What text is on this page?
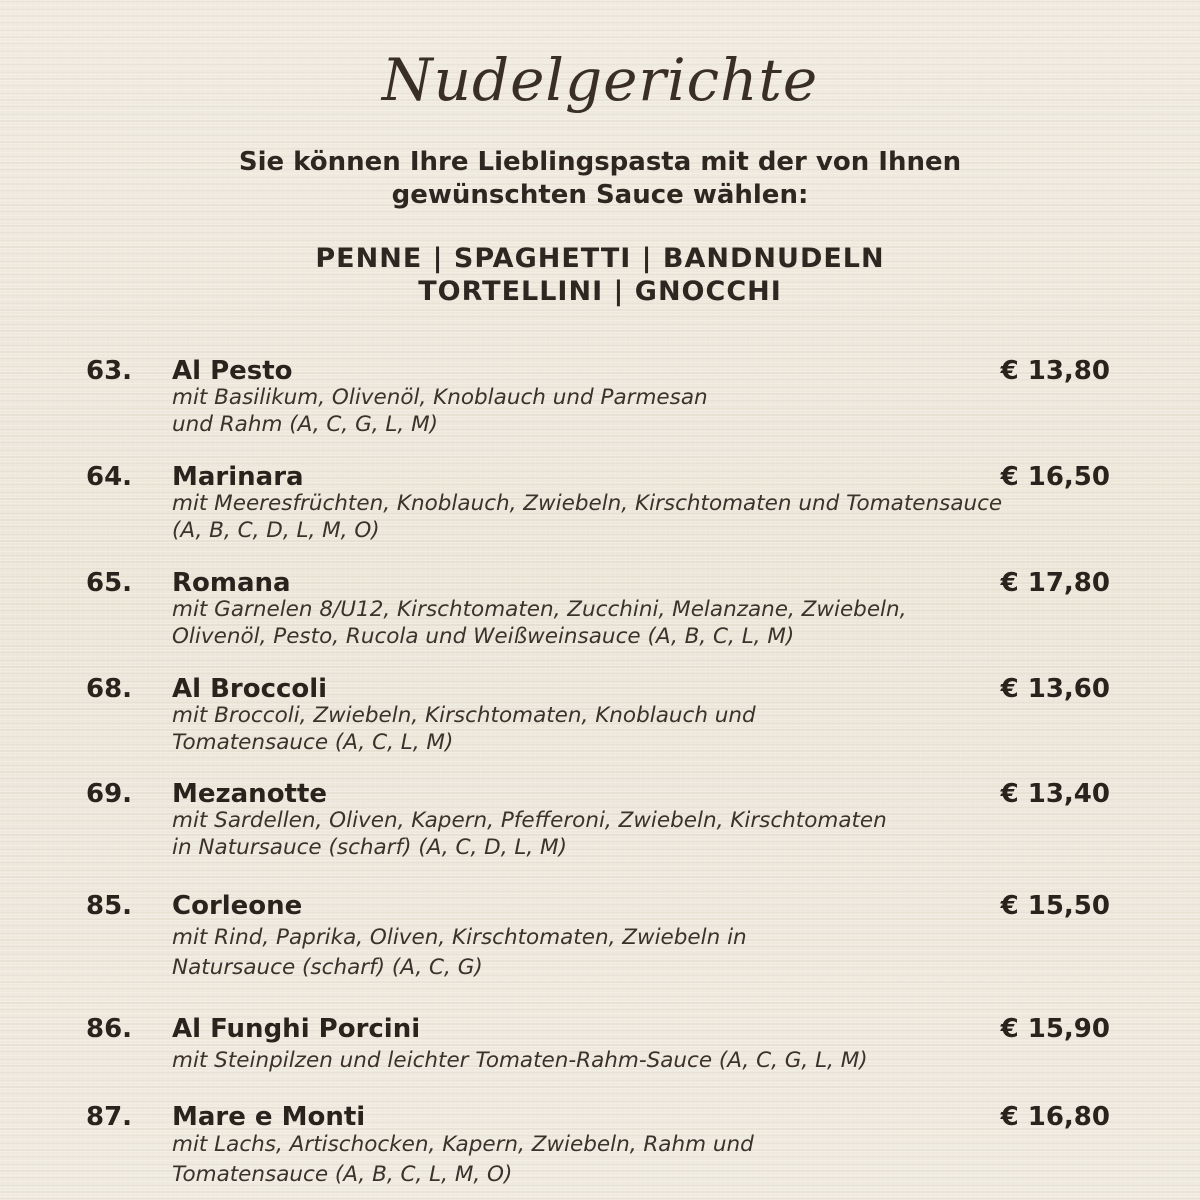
Nudelgerichte
Sie können Ihre Lieblingspasta mit der von Ihnen
gewünschten Sauce wählen:
PENNE | SPAGHETTI | BANDNUDELN
TORTELLINI | GNOCCHI
63. Al Pesto	€ 13,80
mit Basilikum, Olivenöl, Knoblauch und Parmesan
und Rahm (A, C, G, L, M)
64. Marinara	€ 16,50
mit Meeresfrüchten, Knoblauch, Zwiebeln, Kirschtomaten und Tomatensauce
(A, B, C, D, L, M, O)
65. Romana	€ 17,80
mit Garnelen 8/U12, Kirschtomaten, Zucchini, Melanzane, Zwiebeln,
Olivenöl, Pesto, Rucola und Weißweinsauce (A, B, C, L, M)
68. Al Broccoli	€ 13,60
mit Broccoli, Zwiebeln, Kirschtomaten, Knoblauch und
Tomatensauce (A, C, L, M)
69. Mezanotte	€ 13,40
mit Sardellen, Oliven, Kapern, Pfefferoni, Zwiebeln, Kirschtomaten
in Natursauce (scharf) (A, C, D, L, M)
85. Corleone	€ 15,50
mit Rind, Paprika, Oliven, Kirschtomaten, Zwiebeln in
Natursauce (scharf) (A, C, G)
86. Al Funghi Porcini	€ 15,90
mit Steinpilzen und leichter Tomaten-Rahm-Sauce (A, C, G, L, M)
87. Mare e Monti	€ 16,80
mit Lachs, Artischocken, Kapern, Zwiebeln, Rahm und
Tomatensauce (A, B, C, L, M, O)
